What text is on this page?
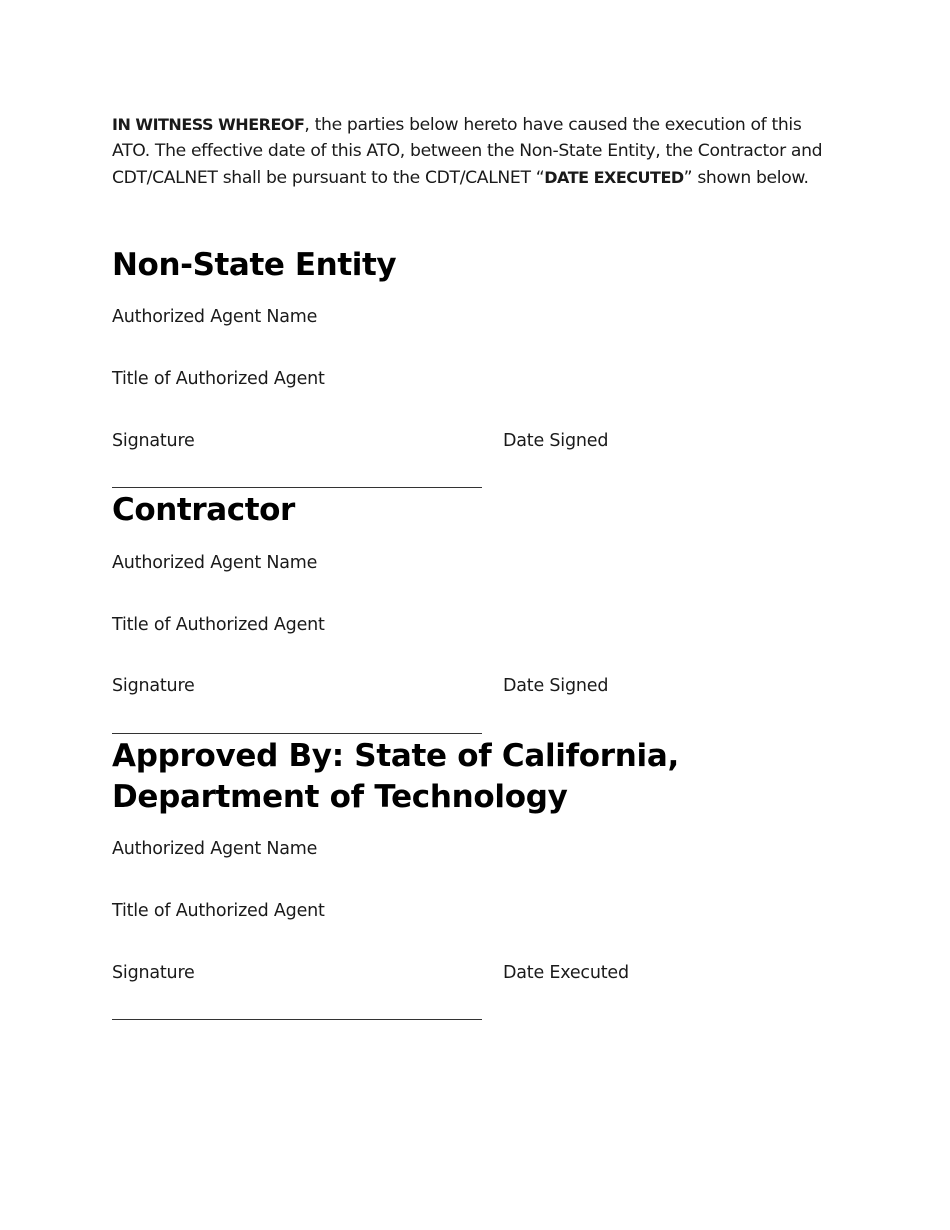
IN WITNESS WHEREOF, the parties below hereto have caused the execution of this ATO. The effective date of this ATO, between the Non-State Entity, the Contractor and CDT/CALNET shall be pursuant to the CDT/CALNET “DATE EXECUTED” shown below.

Non-State Entity
Authorized Agent Name
Title of Authorized Agent
Signature	Date Signed
Contractor
Authorized Agent Name
Title of Authorized Agent
Signature	Date Signed
Approved By: State of California, Department of Technology
Authorized Agent Name
Title of Authorized Agent
Signature	Date Executed
